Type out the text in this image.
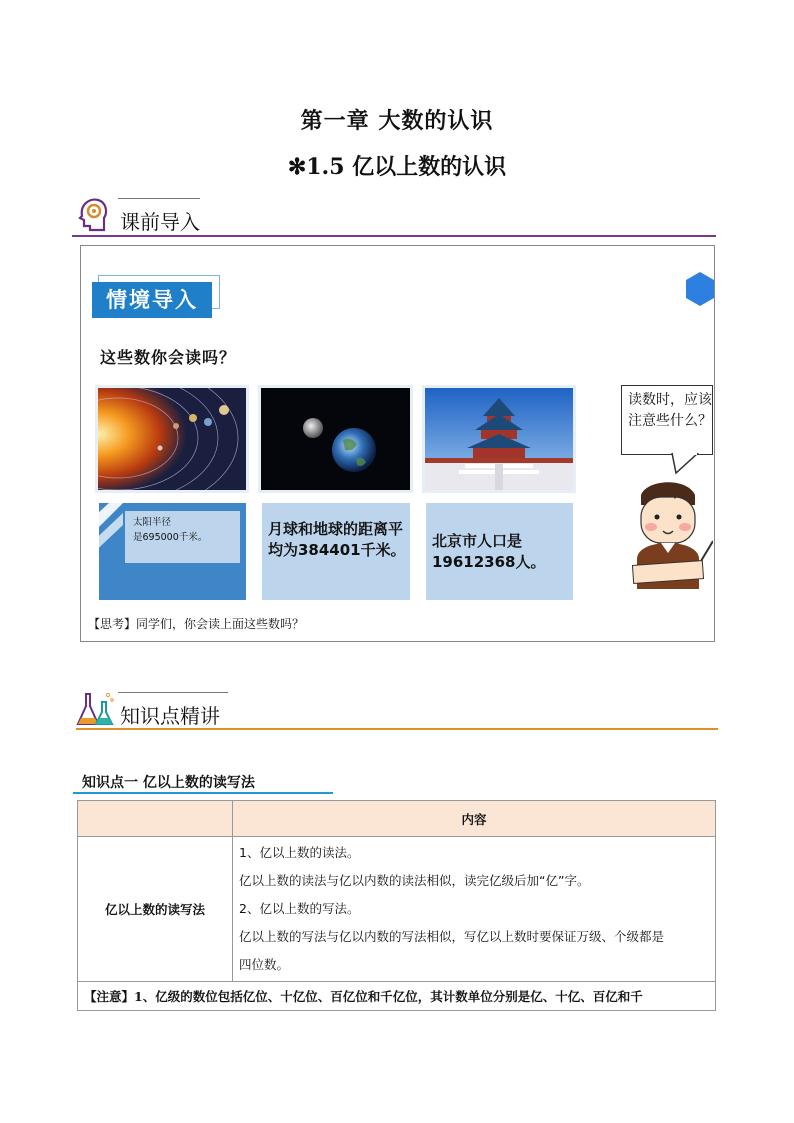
第一章 大数的认识
✻1.5 亿以上数的认识
课前导入
情境导入
这些数你会读吗？
太阳半径
是695000千米。	月球和地球的距离平均为384401千米。 北京市人口是19612368人。
读数时，应该注意些什么？
【思考】同学们，你会读上面这些数吗？
知识点精讲
知识点一 亿以上数的读写法
	内容
亿以上数的读写法	1、亿以上数的读法。
亿以上数的读法与亿以内数的读法相似，读完亿级后加“亿”字。
2、亿以上数的写法。
亿以上数的写法与亿以内数的写法相似，写亿以上数时要保证万级、个级都是
四位数。

【注意】1、亿级的数位包括亿位、十亿位、百亿位和千亿位，其计数单位分别是亿、十亿、百亿和千	
